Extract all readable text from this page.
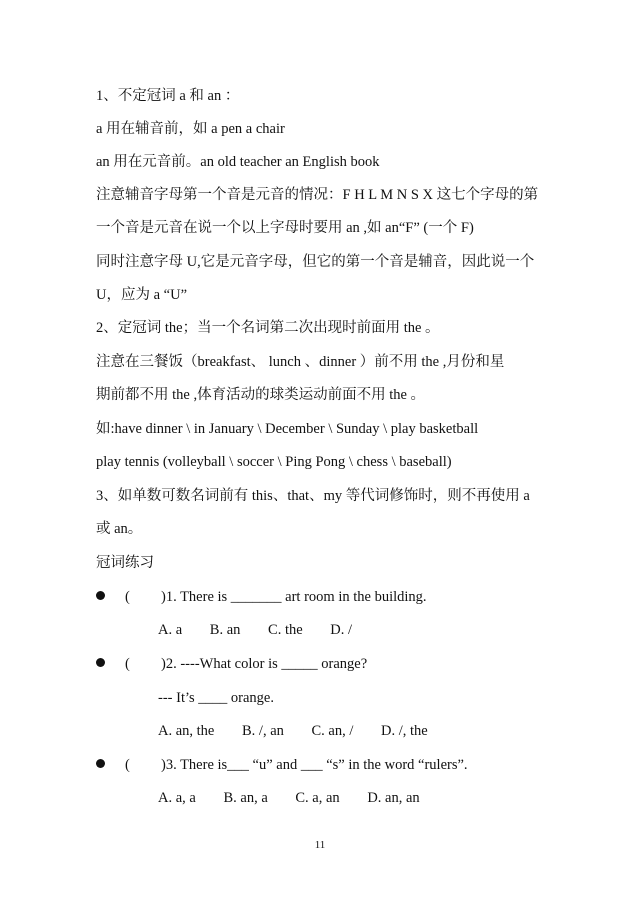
1、不定冠词 a 和 an ：
a 用在辅音前，如 a pen a chair
an 用在元音前。an old teacher an English book
注意辅音字母第一个音是元音的情况：F H L M N S X 这七个字母的第
一个音是元音在说一个以上字母时要用 an ,如 an“F” (一个 F)
同时注意字母 U,它是元音字母，但它的第一个音是辅音，因此说一个
U，应为 a “U”
2、定冠词 the；当一个名词第二次出现时前面用 the 。
注意在三餐饭（breakfast、 lunch 、dinner ）前不用 the ,月份和星
期前都不用 the ,体育活动的球类运动前面不用 the 。
如:have dinner \ in January \ December \ Sunday \ play basketball
play tennis (volleyball \ soccer \ Ping Pong \ chess \ baseball)
3、如单数可数名词前有 this、that、my 等代词修饰时，则不再使用 a
或 an。
冠词练习
( )1. There is _______ art room in the building.
A. a B. an C. the D. /
( )2. ----What color is _____ orange?
--- It’s ____ orange.
A. an, the B. /, an C. an, / D. /, the
( )3. There is___ “u” and ___ “s” in the word “rulers”.
A. a, a B. an, a C. a, an D. an, an
11
